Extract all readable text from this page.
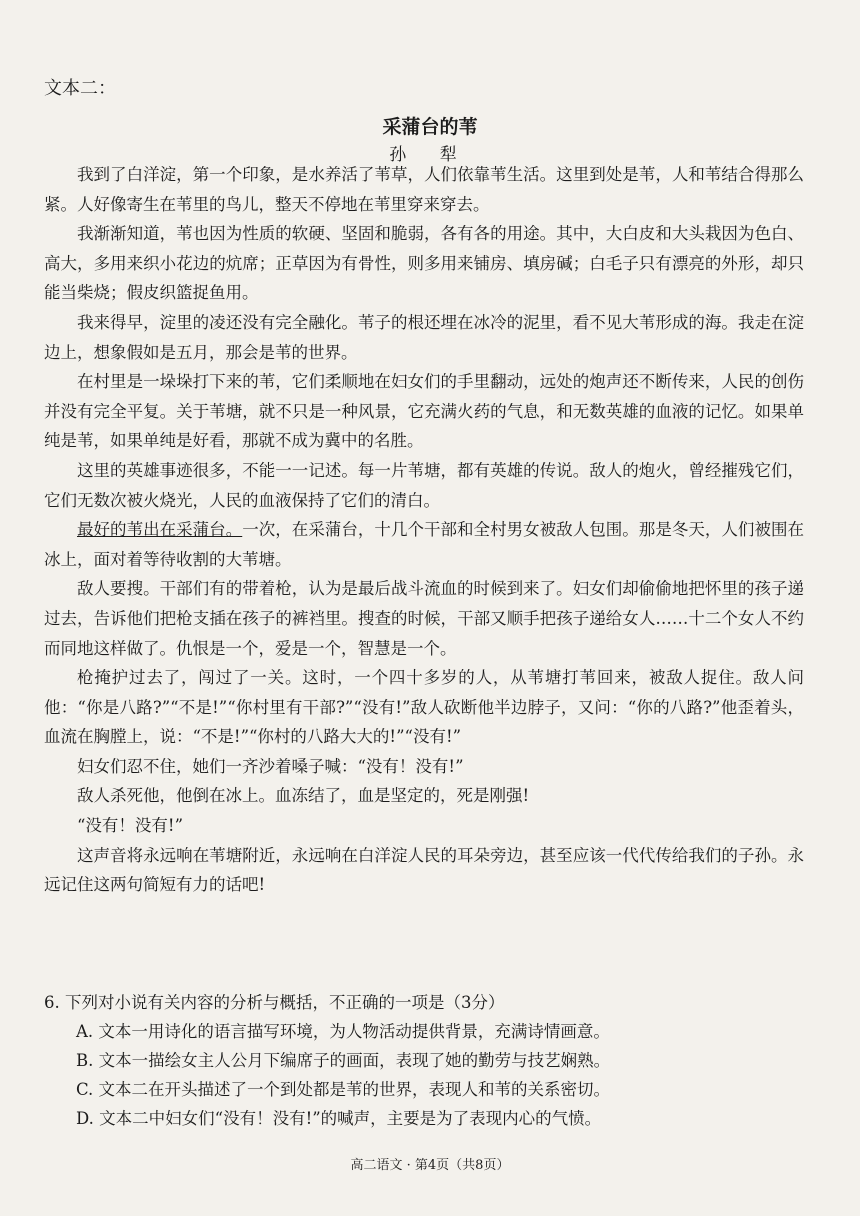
文本二：
采蒲台的苇
孙 犁

我到了白洋淀，第一个印象，是水养活了苇草，人们依靠苇生活。这里到处是苇，人和苇结合得那么紧。人好像寄生在苇里的鸟儿，整天不停地在苇里穿来穿去。

我渐渐知道，苇也因为性质的软硬、坚固和脆弱，各有各的用途。其中，大白皮和大头栽因为色白、高大，多用来织小花边的炕席；正草因为有骨性，则多用来铺房、填房碱；白毛子只有漂亮的外形，却只能当柴烧；假皮织篮捉鱼用。

我来得早，淀里的凌还没有完全融化。苇子的根还埋在冰冷的泥里，看不见大苇形成的海。我走在淀边上，想象假如是五月，那会是苇的世界。

在村里是一垛垛打下来的苇，它们柔顺地在妇女们的手里翻动，远处的炮声还不断传来，人民的创伤并没有完全平复。关于苇塘，就不只是一种风景，它充满火药的气息，和无数英雄的血液的记忆。如果单纯是苇，如果单纯是好看，那就不成为冀中的名胜。

这里的英雄事迹很多，不能一一记述。每一片苇塘，都有英雄的传说。敌人的炮火，曾经摧残它们，它们无数次被火烧光，人民的血液保持了它们的清白。

最好的苇出在采蒲台。一次，在采蒲台，十几个干部和全村男女被敌人包围。那是冬天，人们被围在冰上，面对着等待收割的大苇塘。

敌人要搜。干部们有的带着枪，认为是最后战斗流血的时候到来了。妇女们却偷偷地把怀里的孩子递过去，告诉他们把枪支插在孩子的裤裆里。搜查的时候，干部又顺手把孩子递给女人……十二个女人不约而同地这样做了。仇恨是一个，爱是一个，智慧是一个。

枪掩护过去了，闯过了一关。这时，一个四十多岁的人，从苇塘打苇回来，被敌人捉住。敌人问他：“你是八路?”“不是!”“你村里有干部?”“没有!”敌人砍断他半边脖子，又问：“你的八路?”他歪着头，血流在胸膛上，说：“不是!”“你村的八路大大的!”“没有!”

妇女们忍不住，她们一齐沙着嗓子喊：“没有！没有!”

敌人杀死他，他倒在冰上。血冻结了，血是坚定的，死是刚强!

“没有！没有!”

这声音将永远响在苇塘附近，永远响在白洋淀人民的耳朵旁边，甚至应该一代代传给我们的子孙。永远记住这两句简短有力的话吧!

6. 下列对小说有关内容的分析与概括，不正确的一项是（3分）

A. 文本一用诗化的语言描写环境，为人物活动提供背景，充满诗情画意。

B. 文本一描绘女主人公月下编席子的画面，表现了她的勤劳与技艺娴熟。

C. 文本二在开头描述了一个到处都是苇的世界，表现人和苇的关系密切。

D. 文本二中妇女们“没有！没有!”的喊声，主要是为了表现内心的气愤。

高二语文 · 第4页（共8页）
